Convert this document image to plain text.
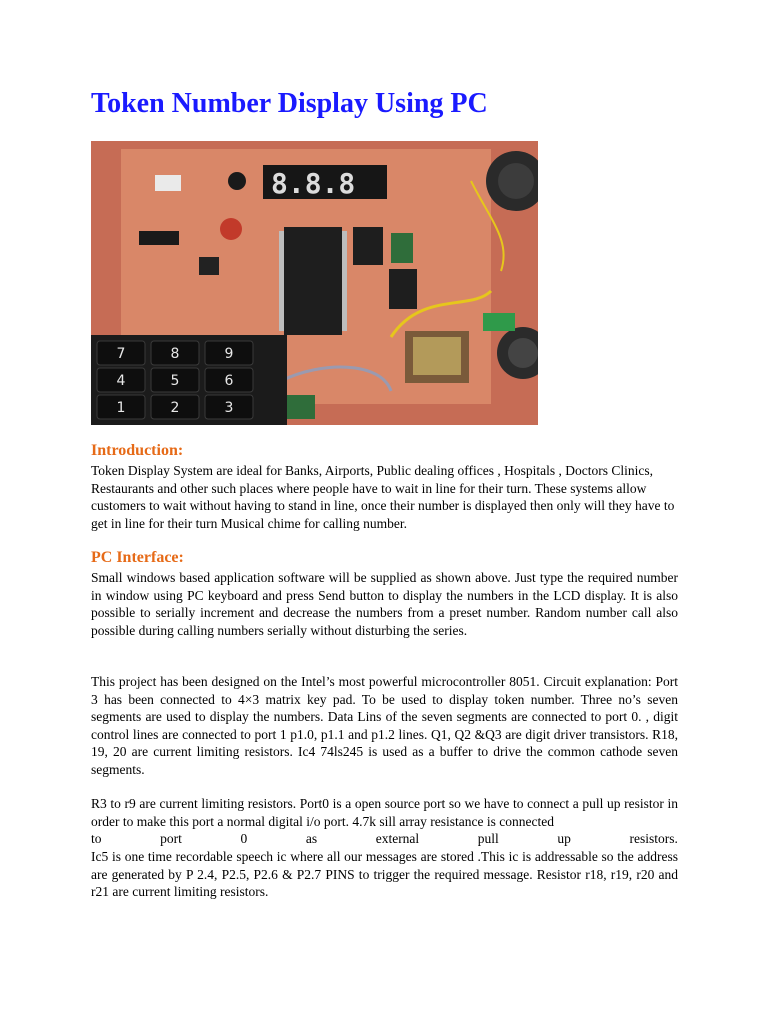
Token Number Display Using PC
8.8.8
7
4
1
8
5
2
9
6
3
Introduction:

Token Display System are ideal for Banks, Airports, Public dealing offices , Hospitals , Doctors Clinics, Restaurants and other such places where people have to wait in line for their turn. These systems allow customers to wait without having to stand in line, once their number is displayed then only will they have to get in line for their turn Musical chime for calling number.

PC Interface:

Small windows based application software will be supplied as shown above. Just type the required number in window using PC keyboard and press Send button to display the numbers in the LCD display. It is also possible to serially increment and decrease the numbers from a preset number. Random number call also possible during calling numbers serially without disturbing the series.

This project has been designed on the Intel’s most powerful microcontroller 8051. Circuit explanation: Port 3 has been connected to 4×3 matrix key pad. To be used to display token number. Three no’s seven segments are used to display the numbers. Data Lins of the seven segments are connected to port 0. , digit control lines are connected to port 1 p1.0, p1.1 and p1.2 lines. Q1, Q2 &Q3 are digit driver transistors. R18, 19, 20 are current limiting resistors. Ic4 74ls245 is used as a buffer to drive the common cathode seven segments.

R3 to r9 are current limiting resistors. Port0 is a open source port so we have to connect a pull up resistor in order to make this port a normal digital i/o port. 4.7k sill array resistance is connected

to	port	0	as	external	pull	up	resistors.

Ic5 is one time recordable speech ic where all our messages are stored .This ic is addressable so the address are generated by P 2.4, P2.5, P2.6 & P2.7 PINS to trigger the required message. Resistor r18, r19, r20 and r21 are current limiting resistors.
